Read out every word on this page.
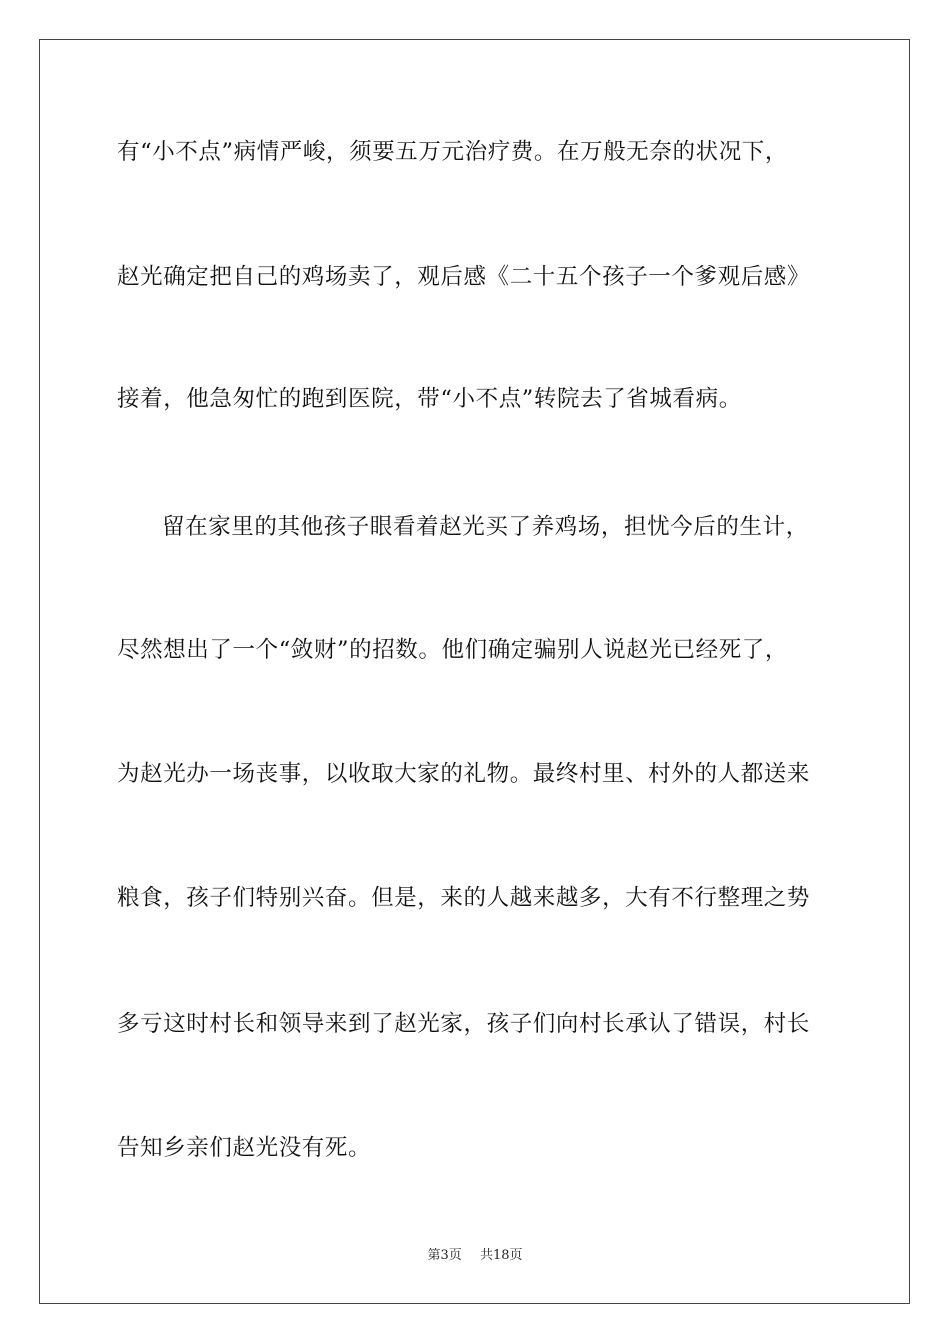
有“小不点”病情严峻，须要五万元治疗费。在万般无奈的状况下，
赵光确定把自己的鸡场卖了，观后感《二十五个孩子一个爹观后感》
接着，他急匆忙的跑到医院，带“小不点”转院去了省城看病。
留在家里的其他孩子眼看着赵光买了养鸡场，担忧今后的生计，
尽然想出了一个“敛财”的招数。他们确定骗别人说赵光已经死了，
为赵光办一场丧事，以收取大家的礼物。最终村里、村外的人都送来
粮食，孩子们特别兴奋。但是，来的人越来越多，大有不行整理之势
多亏这时村长和领导来到了赵光家，孩子们向村长承认了错误，村长
告知乡亲们赵光没有死。
第3页 共18页
